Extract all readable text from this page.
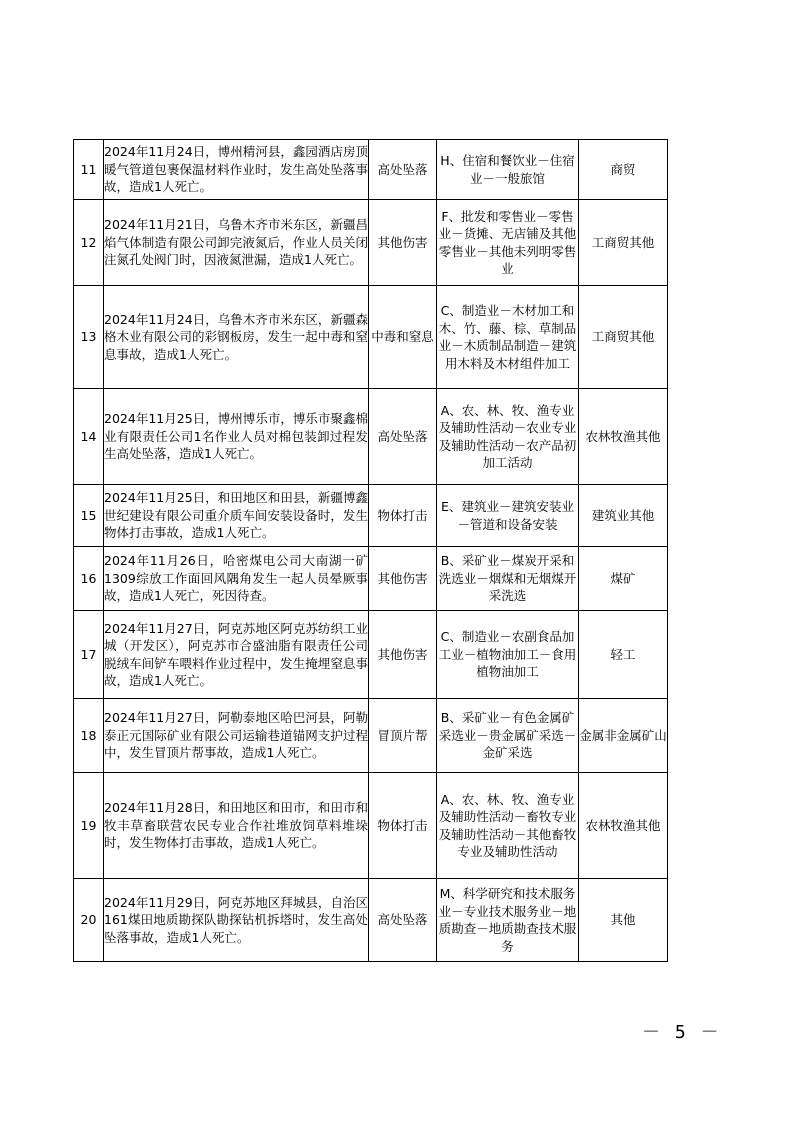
11	2024年11月24日，博州精河县，鑫园酒店房顶暖气管道包裹保温材料作业时，发生高处坠落事故，造成1人死亡。	高处坠落	H、住宿和餐饮业－住宿业－一般旅馆	商贸
12	2024年11月21日，乌鲁木齐市米东区，新疆昌焰气体制造有限公司卸完液氮后，作业人员关闭注氮孔处阀门时，因液氮泄漏，造成1人死亡。	其他伤害	F、批发和零售业－零售业－货摊、无店铺及其他零售业－其他未列明零售业	工商贸其他
13	2024年11月24日，乌鲁木齐市米东区，新疆森格木业有限公司的彩钢板房，发生一起中毒和窒息事故，造成1人死亡。	中毒和窒息	C、制造业－木材加工和木、竹、藤、棕、草制品业－木质制品制造－建筑用木料及木材组件加工	工商贸其他
14	2024年11月25日，博州博乐市，博乐市聚鑫棉业有限责任公司1名作业人员对棉包装卸过程发生高处坠落，造成1人死亡。	高处坠落	A、农、林、牧、渔专业及辅助性活动－农业专业及辅助性活动－农产品初加工活动	农林牧渔其他
15	2024年11月25日，和田地区和田县，新疆博鑫世纪建设有限公司重介质车间安装设备时，发生物体打击事故，造成1人死亡。	物体打击	E、建筑业－建筑安装业－管道和设备安装	建筑业其他
16	2024年11月26日，哈密煤电公司大南湖一矿1309综放工作面回风隅角发生一起人员晕厥事故，造成1人死亡，死因待查。	其他伤害	B、采矿业－煤炭开采和洗选业－烟煤和无烟煤开采洗选	煤矿
17	2024年11月27日，阿克苏地区阿克苏纺织工业城（开发区），阿克苏市合盛油脂有限责任公司脱绒车间铲车喂料作业过程中，发生掩埋窒息事故，造成1人死亡。	其他伤害	C、制造业－农副食品加工业－植物油加工－食用植物油加工	轻工
18	2024年11月27日，阿勒泰地区哈巴河县，阿勒泰正元国际矿业有限公司运输巷道锚网支护过程中，发生冒顶片帮事故，造成1人死亡。	冒顶片帮	B、采矿业－有色金属矿采选业－贵金属矿采选－金矿采选	金属非金属矿山
19	2024年11月28日，和田地区和田市，和田市和牧丰草畜联营农民专业合作社堆放饲草料堆垛时，发生物体打击事故，造成1人死亡。	物体打击	A、农、林、牧、渔专业及辅助性活动－畜牧专业及辅助性活动－其他畜牧专业及辅助性活动	农林牧渔其他
20	2024年11月29日，阿克苏地区拜城县，自治区161煤田地质勘探队勘探钻机拆塔时，发生高处坠落事故，造成1人死亡。	高处坠落	M、科学研究和技术服务业－专业技术服务业－地质勘查－地质勘查技术服务	其他
－ 5 －
